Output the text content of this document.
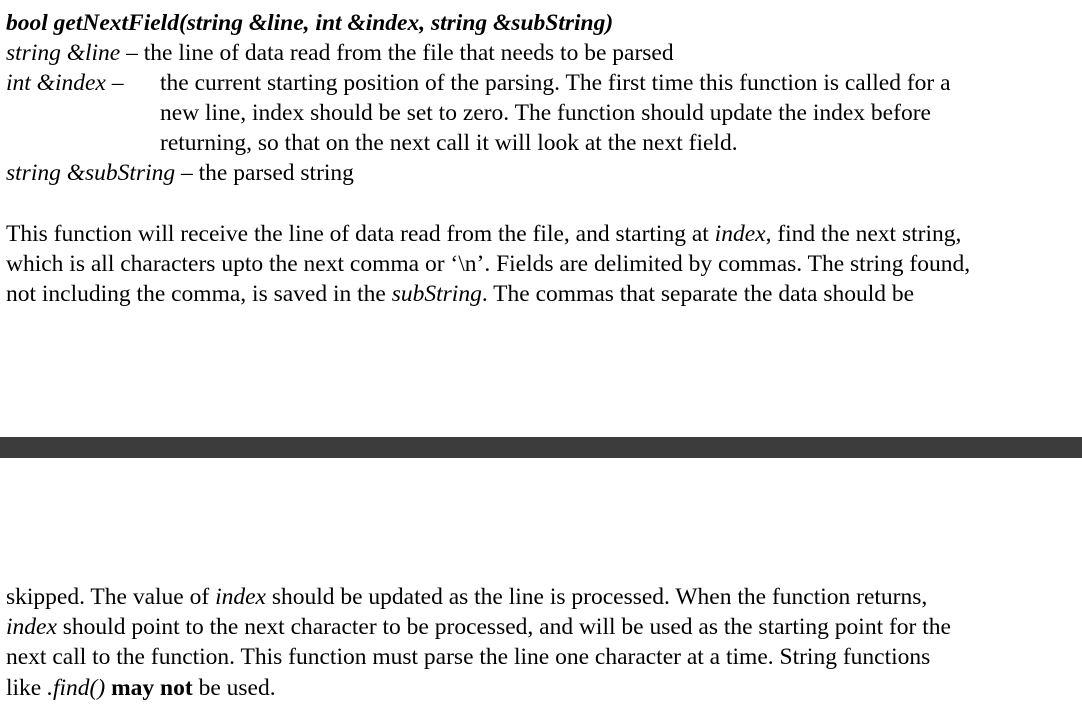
bool getNextField(string &line, int &index, string &subString)
string &line – the line of data read from the file that needs to be parsed
int &index – the current starting position of the parsing. The first time this function is called for a
new line, index should be set to zero. The function should update the index before
returning, so that on the next call it will look at the next field.
string &subString – the parsed string
This function will receive the line of data read from the file, and starting at index, find the next string,
which is all characters upto the next comma or ‘\n’. Fields are delimited by commas. The string found,
not including the comma, is saved in the subString. The commas that separate the data should be
skipped. The value of index should be updated as the line is processed. When the function returns,
index should point to the next character to be processed, and will be used as the starting point for the
next call to the function. This function must parse the line one character at a time. String functions
like .find() may not be used.
